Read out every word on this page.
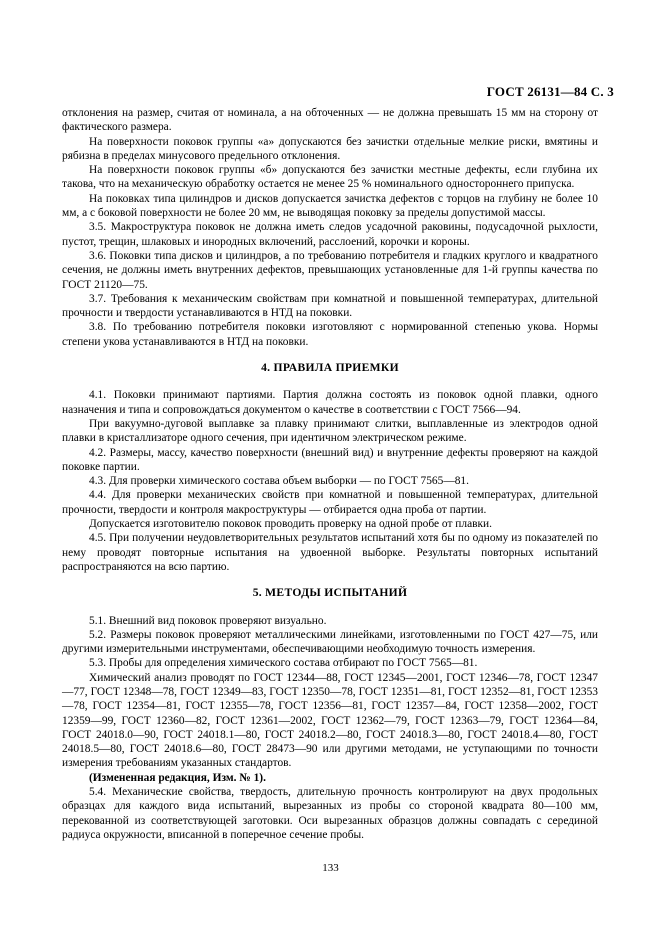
ГОСТ 26131—84 С. 3

отклонения на размер, считая от номинала, а на обточенных — не должна превышать 15 мм на сторону от фактического размера.

На поверхности поковок группы «а» допускаются без зачистки отдельные мелкие риски, вмятины и рябизна в пределах минусового предельного отклонения.

На поверхности поковок группы «б» допускаются без зачистки местные дефекты, если глубина их такова, что на механическую обработку остается не менее 25 % номинального одностороннего припуска.

На поковках типа цилиндров и дисков допускается зачистка дефектов с торцов на глубину не более 10 мм, а с боковой поверхности не более 20 мм, не выводящая поковку за пределы допустимой массы.

3.5. Макроструктура поковок не должна иметь следов усадочной раковины, подусадочной рыхлости, пустот, трещин, шлаковых и инородных включений, расслоений, корочки и короны.

3.6. Поковки типа дисков и цилиндров, а по требованию потребителя и гладких круглого и квадратного сечения, не должны иметь внутренних дефектов, превышающих установленные для 1-й группы качества по ГОСТ 21120—75.

3.7. Требования к механическим свойствам при комнатной и повышенной температурах, длительной прочности и твердости устанавливаются в НТД на поковки.

3.8. По требованию потребителя поковки изготовляют с нормированной степенью укова. Нормы степени укова устанавливаются в НТД на поковки.

4. ПРАВИЛА ПРИЕМКИ

4.1. Поковки принимают партиями. Партия должна состоять из поковок одной плавки, одного назначения и типа и сопровождаться документом о качестве в соответствии с ГОСТ 7566—94.

При вакуумно-дуговой выплавке за плавку принимают слитки, выплавленные из электродов одной плавки в кристаллизаторе одного сечения, при идентичном электрическом режиме.

4.2. Размеры, массу, качество поверхности (внешний вид) и внутренние дефекты проверяют на каждой поковке партии.

4.3. Для проверки химического состава объем выборки — по ГОСТ 7565—81.

4.4. Для проверки механических свойств при комнатной и повышенной температурах, длительной прочности, твердости и контроля макроструктуры — отбирается одна проба от партии.

Допускается изготовителю поковок проводить проверку на одной пробе от плавки.

4.5. При получении неудовлетворительных результатов испытаний хотя бы по одному из показателей по нему проводят повторные испытания на удвоенной выборке. Результаты повторных испытаний распространяются на всю партию.

5. МЕТОДЫ ИСПЫТАНИЙ

5.1. Внешний вид поковок проверяют визуально.

5.2. Размеры поковок проверяют металлическими линейками, изготовленными по ГОСТ 427—75, или другими измерительными инструментами, обеспечивающими необходимую точность измерения.

5.3. Пробы для определения химического состава отбирают по ГОСТ 7565—81.

Химический анализ проводят по ГОСТ 12344—88, ГОСТ 12345—2001, ГОСТ 12346—78, ГОСТ 12347—77, ГОСТ 12348—78, ГОСТ 12349—83, ГОСТ 12350—78, ГОСТ 12351—81, ГОСТ 12352—81, ГОСТ 12353—78, ГОСТ 12354—81, ГОСТ 12355—78, ГОСТ 12356—81, ГОСТ 12357—84, ГОСТ 12358—2002, ГОСТ 12359—99, ГОСТ 12360—82, ГОСТ 12361—2002, ГОСТ 12362—79, ГОСТ 12363—79, ГОСТ 12364—84, ГОСТ 24018.0—90, ГОСТ 24018.1—80, ГОСТ 24018.2—80, ГОСТ 24018.3—80, ГОСТ 24018.4—80, ГОСТ 24018.5—80, ГОСТ 24018.6—80, ГОСТ 28473—90 или другими методами, не уступающими по точности измерения требованиям указанных стандартов.

(Измененная редакция, Изм. № 1).

5.4. Механические свойства, твердость, длительную прочность контролируют на двух продольных образцах для каждого вида испытаний, вырезанных из пробы со стороной квадрата 80—100 мм, перекованной из соответствующей заготовки. Оси вырезанных образцов должны совпадать с серединой радиуса окружности, вписанной в поперечное сечение пробы.

133
